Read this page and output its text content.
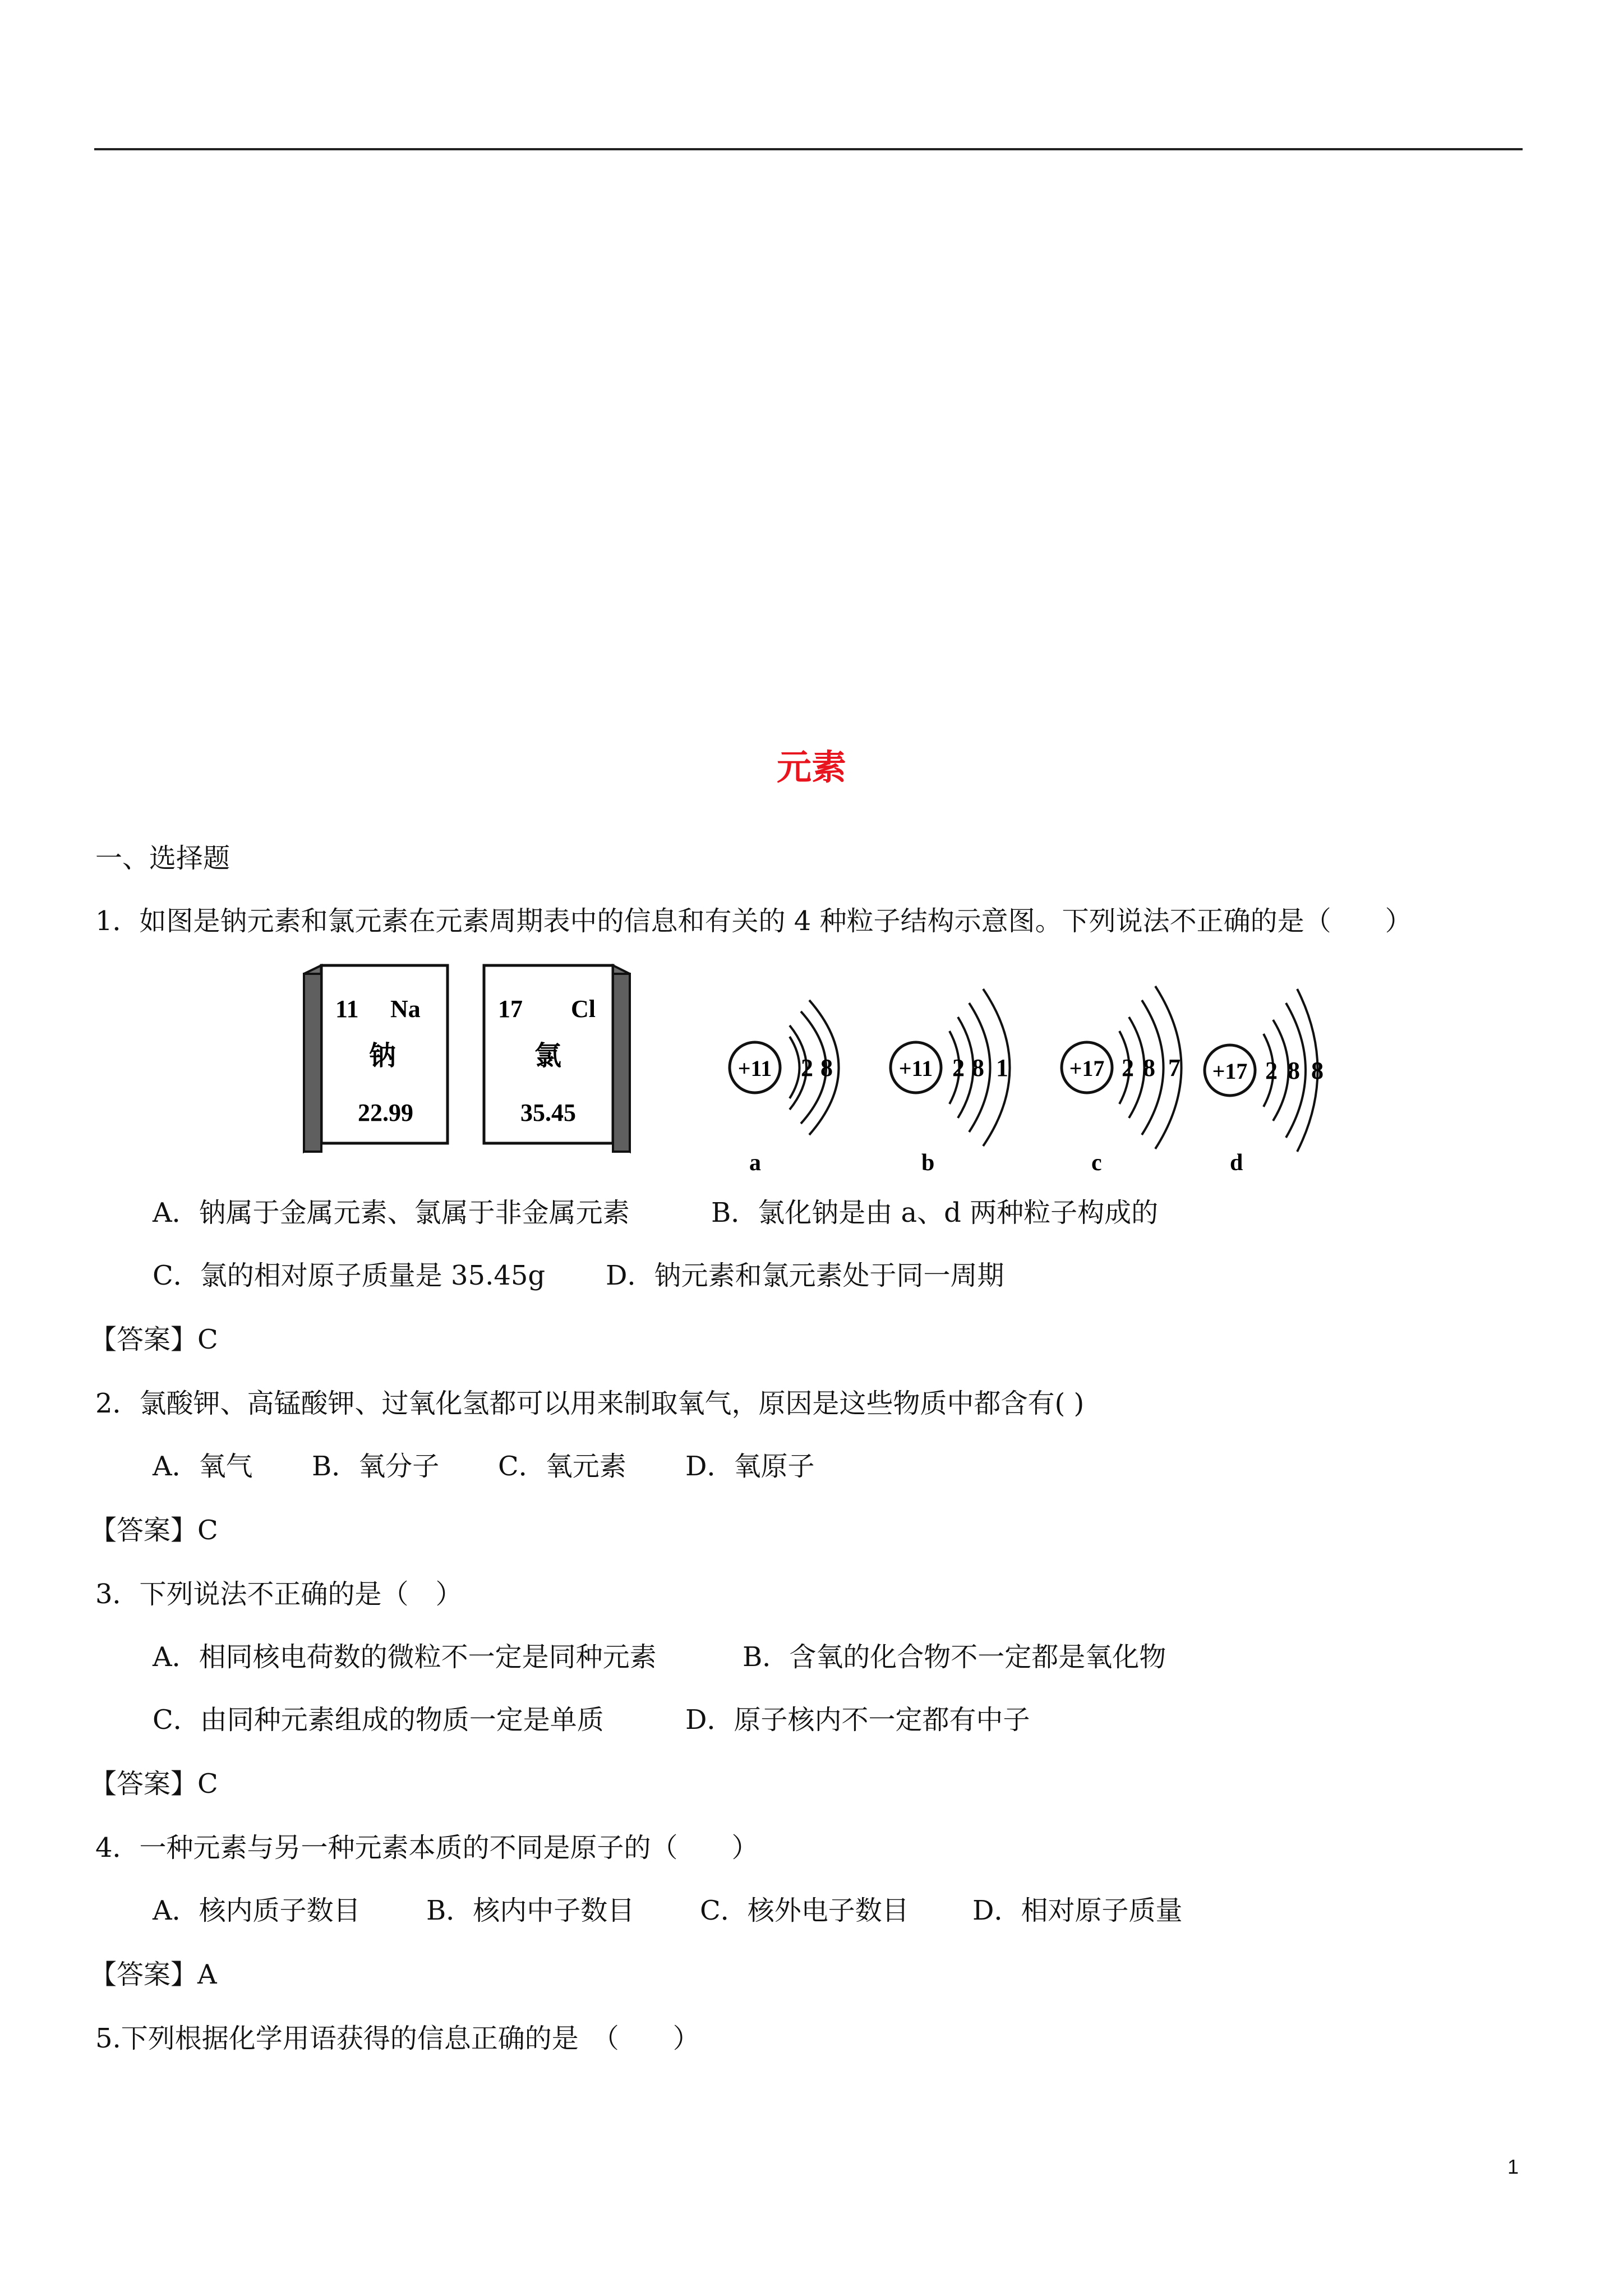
元素
一、选择题
1．如图是钠元素和氯元素在元素周期表中的信息和有关的 4 种粒子结构示意图。下列说法不正确的是（　　）
11 Na
钠
22.99
17 Cl
氯
35.45
+11 2 8
a
+11 2 8 1
b
+17 2 8 7
c
+17 2 8 8
d
A．钠属于金属元素、氯属于非金属元素	B．氯化钠是由 a、d 两种粒子构成的
C．氯的相对原子质量是 35.45g D．钠元素和氯元素处于同一周期
【答案】C
2．氯酸钾、高锰酸钾、过氧化氢都可以用来制取氧气，原因是这些物质中都含有( )
A．氧气 B．氧分子 C．氧元素 D．氧原子
【答案】C
3．下列说法不正确的是（　）
A．相同核电荷数的微粒不一定是同种元素	B．含氧的化合物不一定都是氧化物
C．由同种元素组成的物质一定是单质	D．原子核内不一定都有中子
【答案】C
4．一种元素与另一种元素本质的不同是原子的（　　）
A．核内质子数目 B．核内中子数目 C．核外电子数目 D．相对原子质量
【答案】A
5.下列根据化学用语获得的信息正确的是　（　　）
1
